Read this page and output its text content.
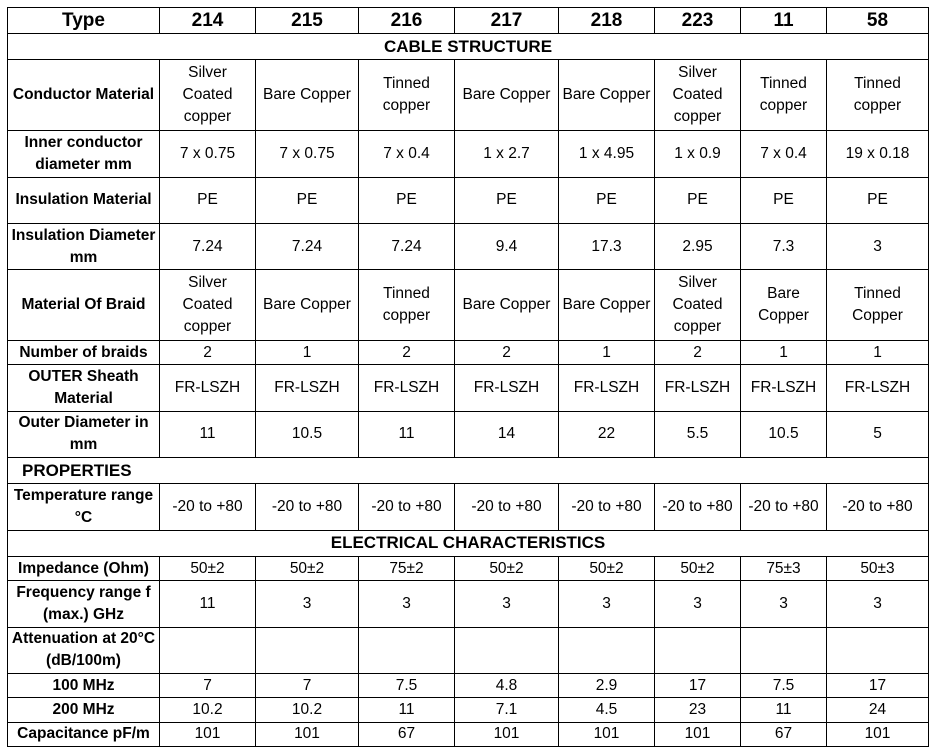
Type	214	215	216	217	218	223	11	58
CABLE STRUCTURE								
Conductor Material	Silver Coated copper	Bare Copper	Tinned copper	Bare Copper	Bare Copper	Silver Coated copper	Tinned copper	Tinned copper
Inner conductor diameter mm	7 x 0.75	7 x 0.75	7 x 0.4	1 x 2.7	1 x 4.95	1 x 0.9	7 x 0.4	19 x 0.18
Insulation Material	PE	PE	PE	PE	PE	PE	PE	PE
Insulation Diameter mm	7.24	7.24	7.24	9.4	17.3	2.95	7.3	3
Material Of Braid	Silver Coated copper	Bare Copper	Tinned copper	Bare Copper	Bare Copper	Silver Coated copper	Bare Copper	Tinned Copper
Number of braids	2	1	2	2	1	2	1	1
OUTER Sheath Material	FR-LSZH	FR-LSZH	FR-LSZH	FR-LSZH	FR-LSZH	FR-LSZH	FR-LSZH	FR-LSZH
Outer Diameter in mm	11	10.5	11	14	22	5.5	10.5	5
PROPERTIES								
Temperature range °C	-20 to +80	-20 to +80	-20 to +80	-20 to +80	-20 to +80	-20 to +80	-20 to +80	-20 to +80
ELECTRICAL CHARACTERISTICS								
Impedance (Ohm)	50±2	50±2	75±2	50±2	50±2	50±2	75±3	50±3
Frequency range f (max.) GHz	11	3	3	3	3	3	3	3
Attenuation at 20°C (dB/100m)								
100 MHz	7	7	7.5	4.8	2.9	17	7.5	17
200 MHz	10.2	10.2	11	7.1	4.5	23	11	24
Capacitance pF/m	101	101	67	101	101	101	67	101
